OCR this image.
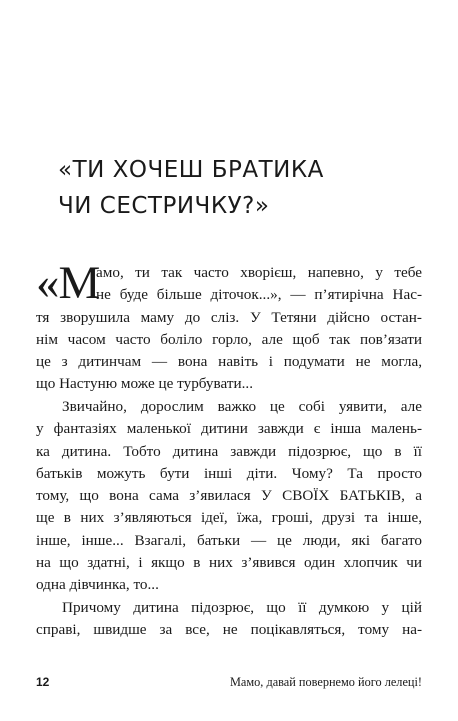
«ТИ ХОЧЕШ БРАТИКА
ЧИ СЕСТРИЧКУ?»
«М
амо, ти так часто хворієш, напевно, у тебе
не буде більше діточок...», — п’ятирічна Нас-
тя зворушила маму до сліз. У Тетяни дійсно остан-
нім часом часто боліло горло, але щоб так пов’язати
це з дитинчам — вона навіть і подумати не могла,
що Настуню може це турбувати...
Звичайно, дорослим важко це собі уявити, але
у фантазіях маленької дитини завжди є інша малень-
ка дитина. Тобто дитина завжди підозрює, що в її
батьків можуть бути інші діти. Чому? Та просто
тому, що вона сама з’явилася У СВОЇХ БАТЬКІВ, а
ще в них з’являються ідеї, їжа, гроші, друзі та інше,
інше, інше... Взагалі, батьки — це люди, які багато
на що здатні, і якщо в них з’явився один хлопчик чи
одна дівчинка, то...
Причому дитина підозрює, що її думкою у цій
справі, швидше за все, не поцікавляться, тому на-
12	Мамо, давай повернемо його лелеці!
